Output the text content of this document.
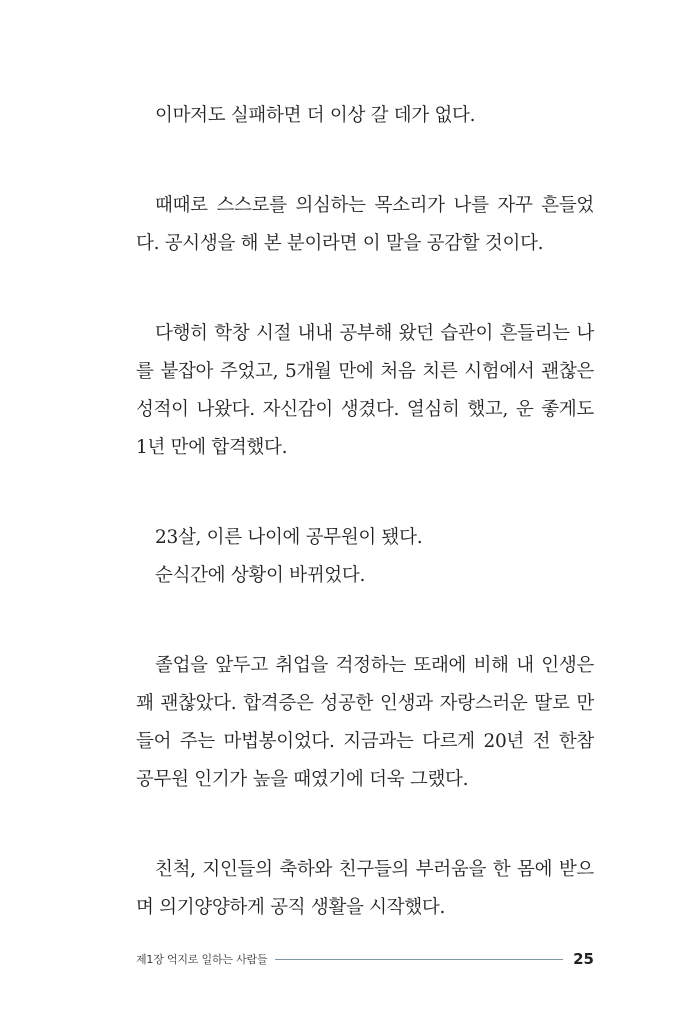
이마저도 실패하면 더 이상 갈 데가 없다.

때때로 스스로를 의심하는 목소리가 나를 자꾸 흔들었
다. 공시생을 해 본 분이라면 이 말을 공감할 것이다.

다행히 학창 시절 내내 공부해 왔던 습관이 흔들리는 나
를 붙잡아 주었고, 5개월 만에 처음 치른 시험에서 괜찮은
성적이 나왔다. 자신감이 생겼다. 열심히 했고, 운 좋게도
1년 만에 합격했다.

23살, 이른 나이에 공무원이 됐다.
순식간에 상황이 바뀌었다.

졸업을 앞두고 취업을 걱정하는 또래에 비해 내 인생은
꽤 괜찮았다. 합격증은 성공한 인생과 자랑스러운 딸로 만
들어 주는 마법봉이었다. 지금과는 다르게 20년 전 한참
공무원 인기가 높을 때였기에 더욱 그랬다.

친척, 지인들의 축하와 친구들의 부러움을 한 몸에 받으
며 의기양양하게 공직 생활을 시작했다.

제1장 억지로 일하는 사람들	25
